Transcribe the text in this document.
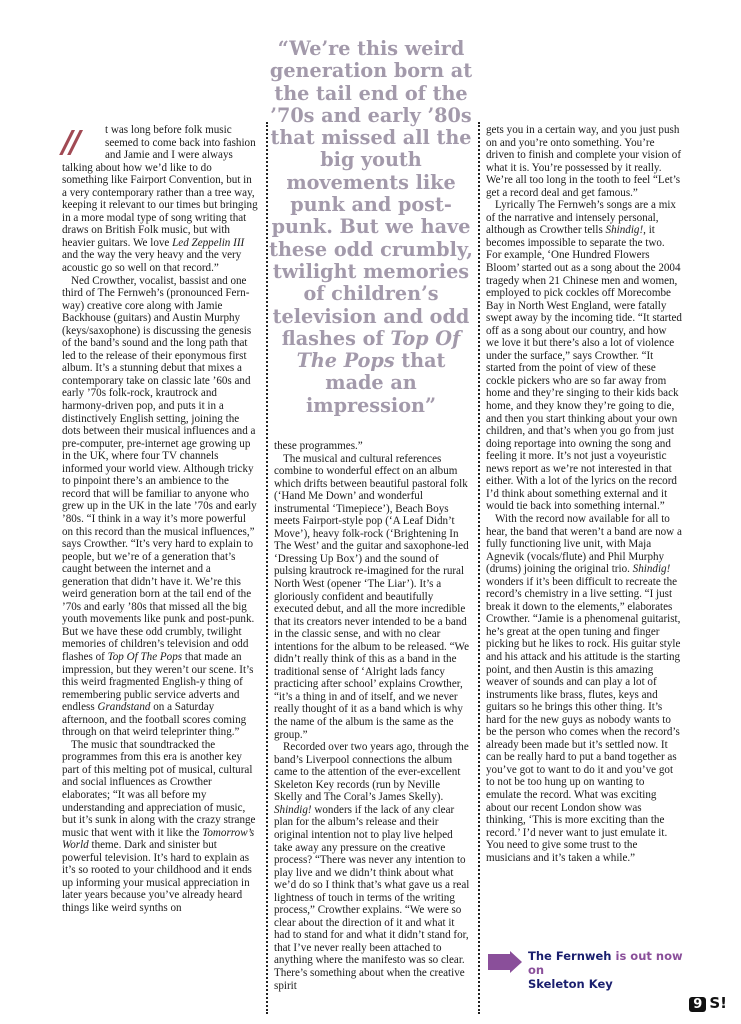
“We’re this weird generation born at the tail end of the ’70s and early ’80s that missed all the big youth movements like punk and post-punk. But we have these odd crumbly, twilight memories of children’s television and odd flashes of Top Of The Pops that made an impression”
//	t was long before folk music seemed to come back into fashion and Jamie and I were always talking about how we’d like to do something like Fairport Convention, but in a very contemporary rather than a tree way, keeping it relevant to our times but bringing in a more modal type of song writing that draws on British Folk music, but with heavier guitars. We love Led Zeppelin III and the way the very heavy and the very acoustic go so well on that record.”

Ned Crowther, vocalist, bassist and one third of The Fernweh’s (pronounced Fern-way) creative core along with Jamie Backhouse (guitars) and Austin Murphy (keys/saxophone) is discussing the genesis of the band’s sound and the long path that led to the release of their eponymous first album. It’s a stunning debut that mixes a contemporary take on classic late ’60s and early ’70s folk-rock, krautrock and harmony-driven pop, and puts it in a distinctively English setting, joining the dots between their musical influences and a pre-computer, pre-internet age growing up in the UK, where four TV channels informed your world view. Although tricky to pinpoint there’s an ambience to the record that will be familiar to anyone who grew up in the UK in the late ’70s and early ’80s. “I think in a way it’s more powerful on this record than the musical influences,” says Crowther. “It’s very hard to explain to people, but we’re of a generation that’s caught between the internet and a generation that didn’t have it. We’re this weird generation born at the tail end of the ’70s and early ’80s that missed all the big youth movements like punk and post-punk. But we have these odd crumbly, twilight memories of children’s television and odd flashes of Top Of The Pops that made an impression, but they weren’t our scene. It’s this weird fragmented English-y thing of remembering public service adverts and endless Grandstand on a Saturday afternoon, and the football scores coming through on that weird teleprinter thing.”

The music that soundtracked the programmes from this era is another key part of this melting pot of musical, cultural and social influences as Crowther elaborates; “It was all before my understanding and appreciation of music, but it’s sunk in along with the crazy strange music that went with it like the Tomorrow’s World theme. Dark and sinister but powerful television. It’s hard to explain as it’s so rooted to your childhood and it ends up informing your musical appreciation in later years because you’ve already heard things like weird synths on

these programmes.”

The musical and cultural references combine to wonderful effect on an album which drifts between beautiful pastoral folk (‘Hand Me Down’ and wonderful instrumental ‘Timepiece’), Beach Boys meets Fairport-style pop (‘A Leaf Didn’t Move’), heavy folk-rock (‘Brightening In The West’ and the guitar and saxophone-led ‘Dressing Up Box’) and the sound of pulsing krautrock re-imagined for the rural North West (opener ‘The Liar’). It’s a gloriously confident and beautifully executed debut, and all the more incredible that its creators never intended to be a band in the classic sense, and with no clear intentions for the album to be released. “We didn’t really think of this as a band in the traditional sense of ‘Alright lads fancy practicing after school’ explains Crowther, “it’s a thing in and of itself, and we never really thought of it as a band which is why the name of the album is the same as the group.”

Recorded over two years ago, through the band’s Liverpool connections the album came to the attention of the ever-excellent Skeleton Key records (run by Neville Skelly and The Coral’s James Skelly). Shindig! wonders if the lack of any clear plan for the album’s release and their original intention not to play live helped take away any pressure on the creative process? “There was never any intention to play live and we didn’t think about what we’d do so I think that’s what gave us a real lightness of touch in terms of the writing process,” Crowther explains. “We were so clear about the direction of it and what it had to stand for and what it didn’t stand for, that I’ve never really been attached to anything where the manifesto was so clear. There’s something about when the creative spirit

gets you in a certain way, and you just push on and you’re onto something. You’re driven to finish and complete your vision of what it is. You’re possessed by it really. We’re all too long in the tooth to feel “Let’s get a record deal and get famous.”

Lyrically The Fernweh’s songs are a mix of the narrative and intensely personal, although as Crowther tells Shindig!, it becomes impossible to separate the two. For example, ‘One Hundred Flowers Bloom’ started out as a song about the 2004 tragedy when 21 Chinese men and women, employed to pick cockles off Morecombe Bay in North West England, were fatally swept away by the incoming tide. “It started off as a song about our country, and how we love it but there’s also a lot of violence under the surface,” says Crowther. “It started from the point of view of these cockle pickers who are so far away from home and they’re singing to their kids back home, and they know they’re going to die, and then you start thinking about your own children, and that’s when you go from just doing reportage into owning the song and feeling it more. It’s not just a voyeuristic news report as we’re not interested in that either. With a lot of the lyrics on the record I’d think about something external and it would tie back into something internal.”

With the record now available for all to hear, the band that weren’t a band are now a fully functioning live unit, with Maja Agnevik (vocals/flute) and Phil Murphy (drums) joining the original trio. Shindig! wonders if it’s been difficult to recreate the record’s chemistry in a live setting. “I just break it down to the elements,” elaborates Crowther. “Jamie is a phenomenal guitarist, he’s great at the open tuning and finger picking but he likes to rock. His guitar style and his attack and his attitude is the starting point, and then Austin is this amazing weaver of sounds and can play a lot of instruments like brass, flutes, keys and guitars so he brings this other thing. It’s hard for the new guys as nobody wants to be the person who comes when the record’s already been made but it’s settled now. It can be really hard to put a band together as you’ve got to want to do it and you’ve got to not be too hung up on wanting to emulate the record. What was exciting about our recent London show was thinking, ‘This is more exciting than the record.’ I’d never want to just emulate it. You need to give some trust to the musicians and it’s taken a while.”

The Fernweh is out now on
Skeleton Key
9 S!
